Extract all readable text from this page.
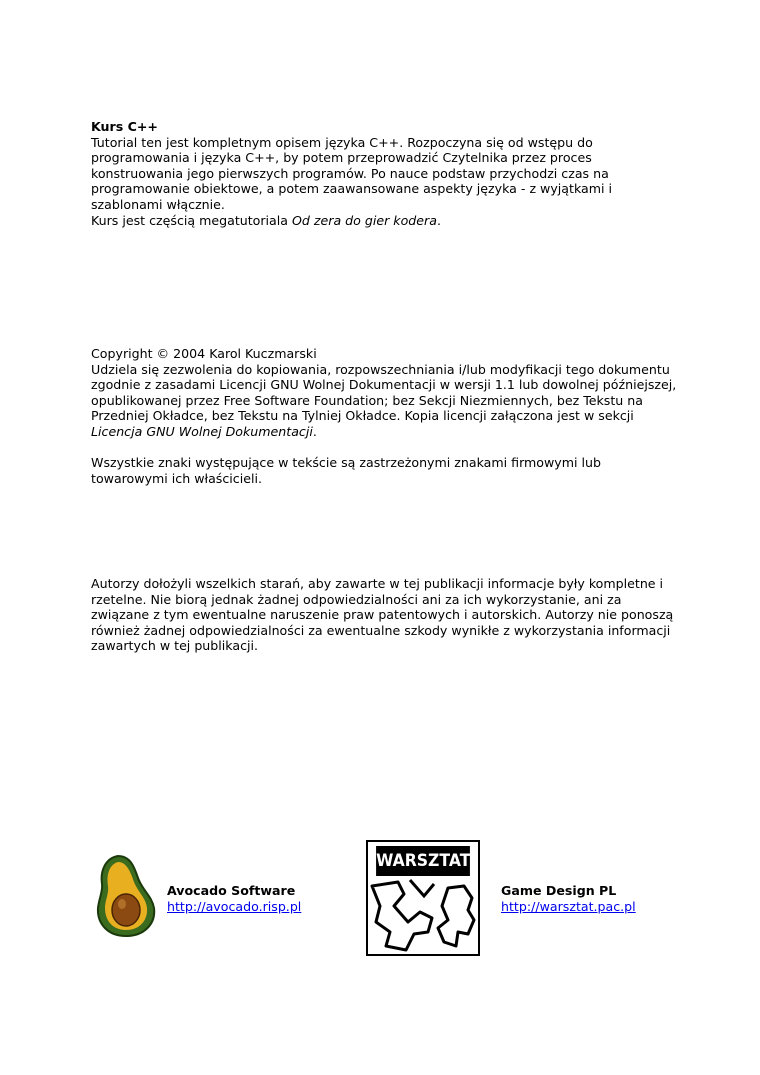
Kurs C++

Tutorial ten jest kompletnym opisem języka C++. Rozpoczyna się od wstępu do programowania i języka C++, by potem przeprowadzić Czytelnika przez proces konstruowania jego pierwszych programów. Po nauce podstaw przychodzi czas na programowanie obiektowe, a potem zaawansowane aspekty języka - z wyjątkami i szablonami włącznie.

Kurs jest częścią megatutoriala Od zera do gier kodera.

Copyright © 2004 Karol Kuczmarski

Udziela się zezwolenia do kopiowania, rozpowszechniania i/lub modyfikacji tego dokumentu zgodnie z zasadami Licencji GNU Wolnej Dokumentacji w wersji 1.1 lub dowolnej późniejszej, opublikowanej przez Free Software Foundation; bez Sekcji Niezmiennych, bez Tekstu na Przedniej Okładce, bez Tekstu na Tylniej Okładce. Kopia licencji załączona jest w sekcji Licencja GNU Wolnej Dokumentacji.

Wszystkie znaki występujące w tekście są zastrzeżonymi znakami firmowymi lub towarowymi ich właścicieli.

Autorzy dołożyli wszelkich starań, aby zawarte w tej publikacji informacje były kompletne i rzetelne. Nie biorą jednak żadnej odpowiedzialności ani za ich wykorzystanie, ani za związane z tym ewentualne naruszenie praw patentowych i autorskich. Autorzy nie ponoszą również żadnej odpowiedzialności za ewentualne szkody wynikłe z wykorzystania informacji zawartych w tej publikacji.

Avocado Software
http://avocado.risp.pl
WARSZTAT
Game Design PL
http://warsztat.pac.pl
